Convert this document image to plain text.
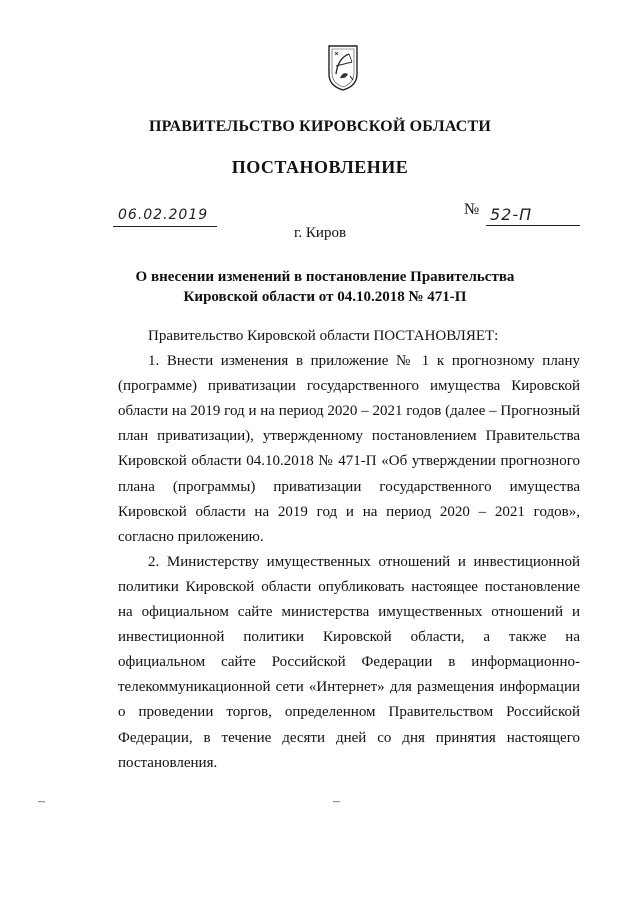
ПРАВИТЕЛЬСТВО КИРОВСКОЙ ОБЛАСТИ
ПОСТАНОВЛЕНИЕ
06.02.2019	№ 52-П
г. Киров
О внесении изменений в постановление Правительства
Кировской области от 04.10.2018 № 471-П

Правительство Кировской области ПОСТАНОВЛЯЕТ:

1. Внести изменения в приложение № 1 к прогнозному плану (программе) приватизации государственного имущества Кировской области на 2019 год и на период 2020 – 2021 годов (далее – Прогнозный план приватизации), утвержденному постановлением Правительства Кировской области 04.10.2018 № 471-П «Об утверждении прогнозного плана (программы) приватизации государственного имущества Кировской области на 2019 год и на период 2020 – 2021 годов», согласно приложению.

2. Министерству имущественных отношений и инвестиционной политики Кировской области опубликовать настоящее постановление на официальном сайте министерства имущественных отношений и инвестиционной политики Кировской области, а также на официальном сайте Российской Федерации в информационно-телекоммуникационной сети «Интернет» для размещения информации о проведении торгов, определенном Правительством Российской Федерации, в течение десяти дней со дня принятия настоящего постановления.

–	–
